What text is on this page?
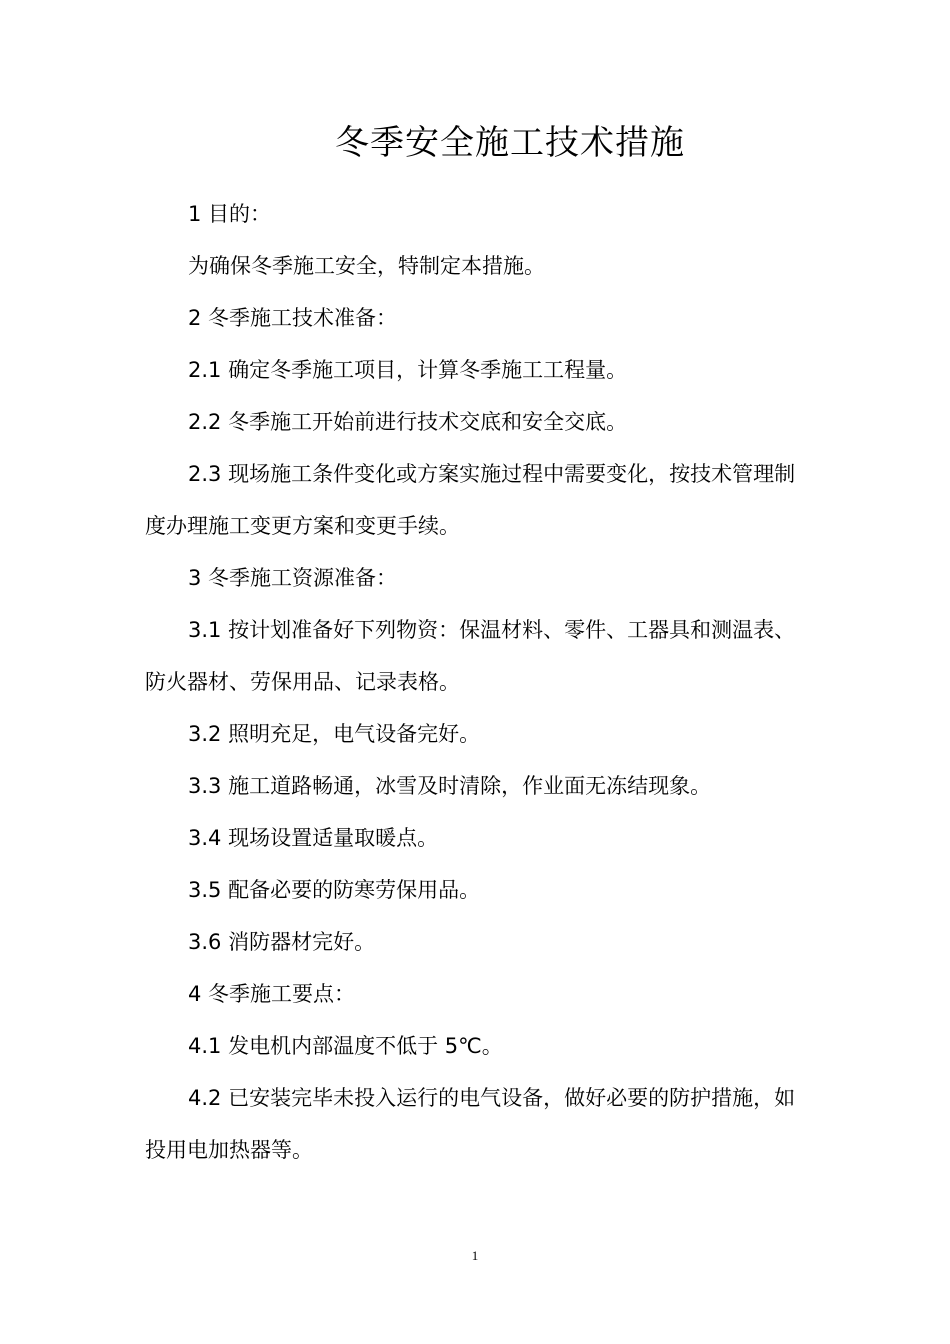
冬季安全施工技术措施

1 目的：

为确保冬季施工安全，特制定本措施。

2 冬季施工技术准备：

2.1 确定冬季施工项目，计算冬季施工工程量。

2.2 冬季施工开始前进行技术交底和安全交底。

2.3 现场施工条件变化或方案实施过程中需要变化，按技术管理制度办理施工变更方案和变更手续。

3 冬季施工资源准备：

3.1 按计划准备好下列物资：保温材料、零件、工器具和测温表、防火器材、劳保用品、记录表格。

3.2 照明充足，电气设备完好。

3.3 施工道路畅通，冰雪及时清除，作业面无冻结现象。

3.4 现场设置适量取暖点。

3.5 配备必要的防寒劳保用品。

3.6 消防器材完好。

4 冬季施工要点：

4.1 发电机内部温度不低于 5℃。

4.2 已安装完毕未投入运行的电气设备，做好必要的防护措施，如投用电加热器等。

1
